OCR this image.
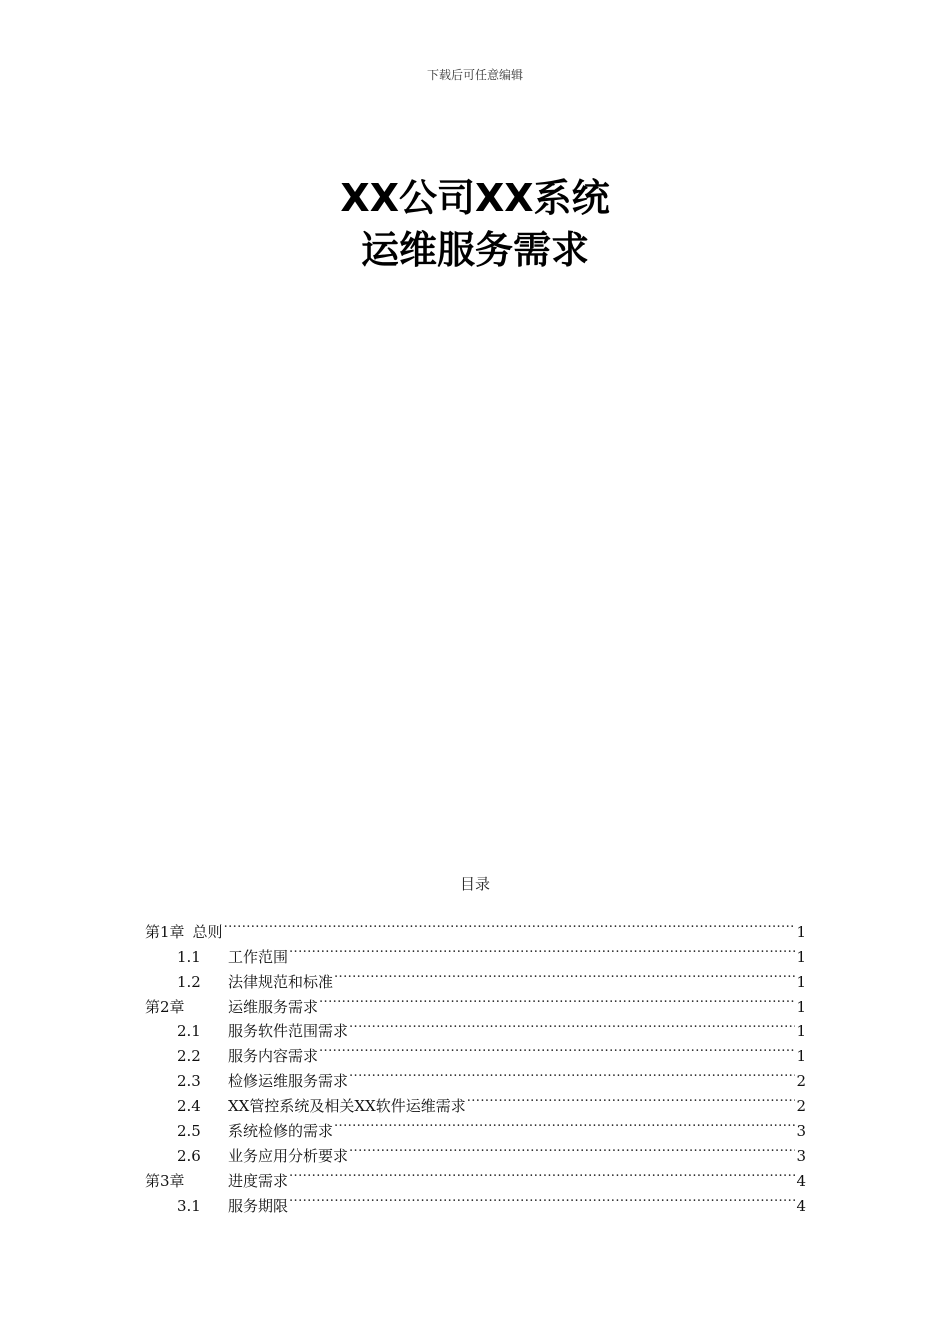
下载后可任意编辑
XX公司XX系统
运维服务需求
目录
第1章 总则 .....	1
1.1	工作范围 .....	1
1.2	法律规范和标准 .....	1
第2章	运维服务需求 .....	1
2.1	服务软件范围需求 .....	1
2.2	服务内容需求 .....	1
2.3	检修运维服务需求 .....	2
2.4	XX管控系统及相关XX软件运维需求 .....	2
2.5	系统检修的需求 .....	3
2.6	业务应用分析要求 .....	3
第3章	进度需求 .....	4
3.1	服务期限 .....	4
